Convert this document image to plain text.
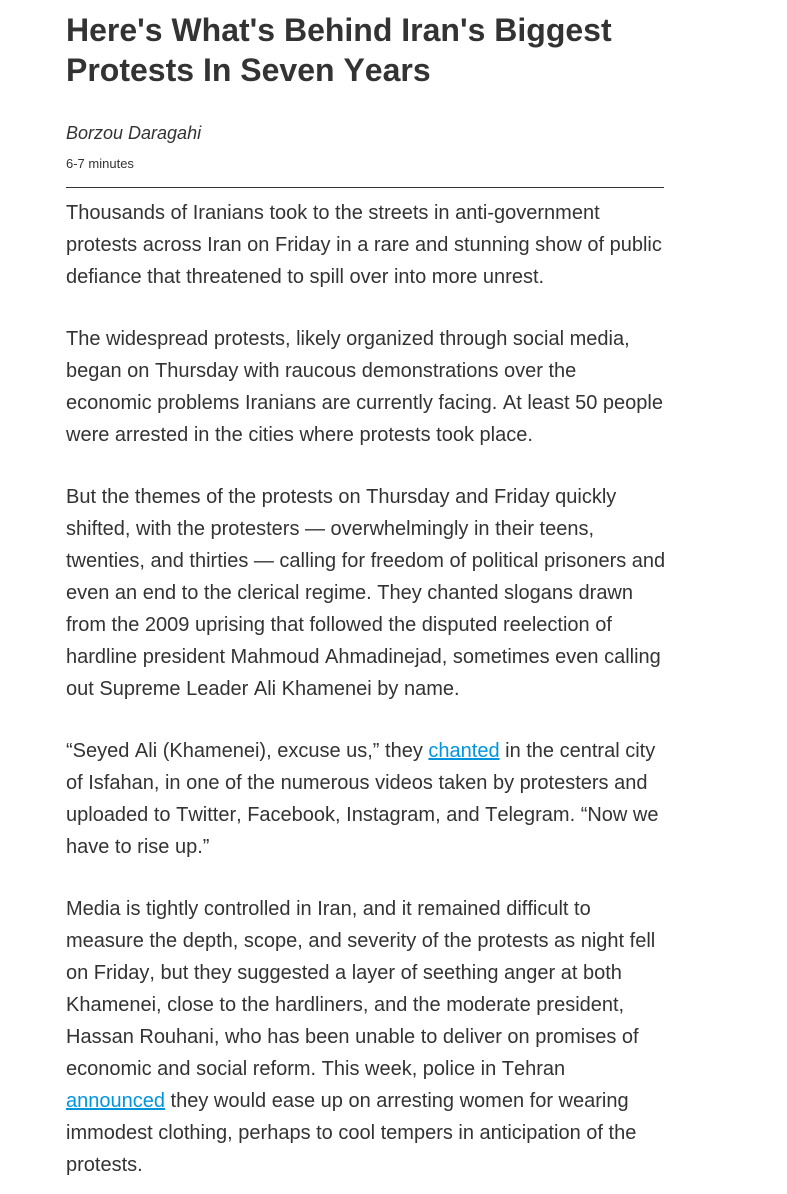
Here's What's Behind Iran's Biggest Protests In Seven Years
Borzou Daragahi
6-7 minutes

Thousands of Iranians took to the streets in anti-government protests across Iran on Friday in a rare and stunning show of public defiance that threatened to spill over into more unrest.

The widespread protests, likely organized through social media, began on Thursday with raucous demonstrations over the economic problems Iranians are currently facing. At least 50 people were arrested in the cities where protests took place.

But the themes of the protests on Thursday and Friday quickly shifted, with the protesters — overwhelmingly in their teens, twenties, and thirties — calling for freedom of political prisoners and even an end to the clerical regime. They chanted slogans drawn from the 2009 uprising that followed the disputed reelection of hardline president Mahmoud Ahmadinejad, sometimes even calling out Supreme Leader Ali Khamenei by name.

“Seyed Ali (Khamenei), excuse us,” they chanted in the central city of Isfahan, in one of the numerous videos taken by protesters and uploaded to Twitter, Facebook, Instagram, and Telegram. “Now we have to rise up.”

Media is tightly controlled in Iran, and it remained difficult to measure the depth, scope, and severity of the protests as night fell on Friday, but they suggested a layer of seething anger at both Khamenei, close to the hardliners, and the moderate president, Hassan Rouhani, who has been unable to deliver on promises of economic and social reform. This week, police in Tehran announced they would ease up on arresting women for wearing immodest clothing, perhaps to cool tempers in anticipation of the protests.
